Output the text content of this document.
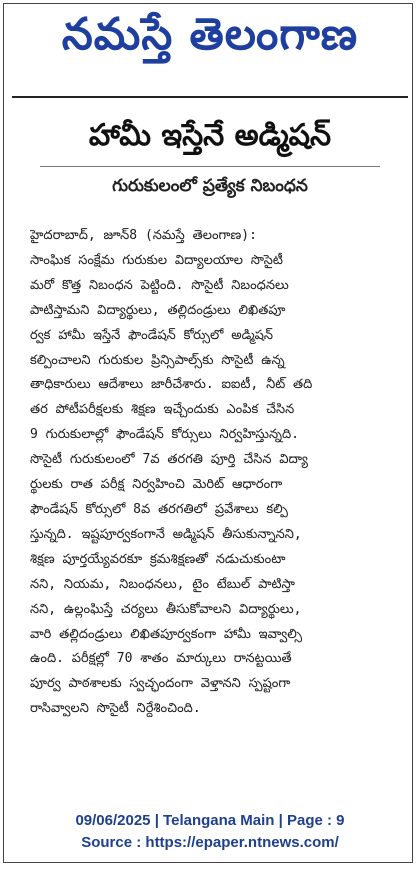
నమస్తే తెలంగాణ
హామీ ఇస్తేనే అడ్మిషన్
గురుకులంలో ప్రత్యేక నిబంధన
హైదరాబాద్, జూన్8 (నమస్తే తెలంగాణ):
సాంఘిక సంక్షేమ గురుకుల విద్యాలయాల సొసైటీ
మరో కొత్త నిబంధన పెట్టింది. సొసైటీ నిబంధనలు
పాటిస్తామని విద్యార్థులు, తల్లిదండ్రులు లిఖితపూ
ర్వక హామీ ఇస్తేనే ఫౌండేషన్ కోర్సులో అడ్మిషన్
కల్పించాలని గురుకుల ప్రిన్సిపాల్స్‌కు సొసైటీ ఉన్న
తాధికారులు ఆదేశాలు జారీచేశారు. ఐఐటీ, నీట్ తది
తర పోటీపరీక్షలకు శిక్షణ ఇచ్చేందుకు ఎంపిక చేసిన
9 గురుకులాల్లో ఫౌండేషన్ కోర్సులు నిర్వహిస్తున్నది.
సొసైటీ గురుకులంలో 7వ తరగతి పూర్తి చేసిన విద్యా
ర్థులకు రాత పరీక్ష నిర్వహించి మెరిట్ ఆధారంగా
ఫౌండేషన్ కోర్సులో 8వ తరగతిలో ప్రవేశాలు కల్పి
స్తున్నది. ఇష్టపూర్వకంగానే అడ్మిషన్ తీసుకున్నానని,
శిక్షణ పూర్తయ్యేవరకూ క్రమశిక్షణతో నడుచుకుంటా
నని, నియమ, నిబంధనలు, టైం టేబుల్ పాటిస్తా
నని, ఉల్లంఘిస్తే చర్యలు తీసుకోవాలని విద్యార్థులు,
వారి తల్లిదండ్రులు లిఖితపూర్వకంగా హామీ ఇవ్వాల్సి
ఉంది. పరీక్షల్లో 70 శాతం మార్కులు రానట్టయితే
పూర్వ పాఠశాలకు స్వచ్ఛందంగా వెళ్తానని స్పష్టంగా
రాసివ్వాలని సొసైటీ నిర్దేశించింది.
09/06/2025 | Telangana Main | Page : 9
Source : https://epaper.ntnews.com/
